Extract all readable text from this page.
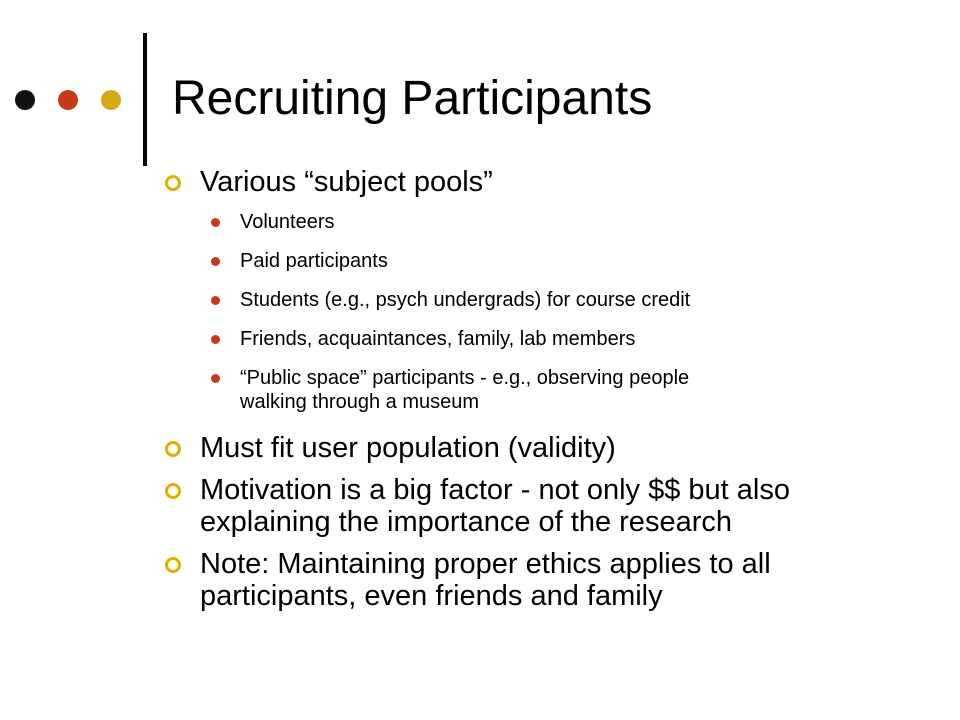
Recruiting Participants
Various “subject pools”
Volunteers
Paid participants
Students (e.g., psych undergrads) for course credit
Friends, acquaintances, family, lab members
“Public space” participants - e.g., observing people
walking through a museum
Must fit user population (validity)
Motivation is a big factor - not only $$ but also
explaining the importance of the research
Note: Maintaining proper ethics applies to all
participants, even friends and family
